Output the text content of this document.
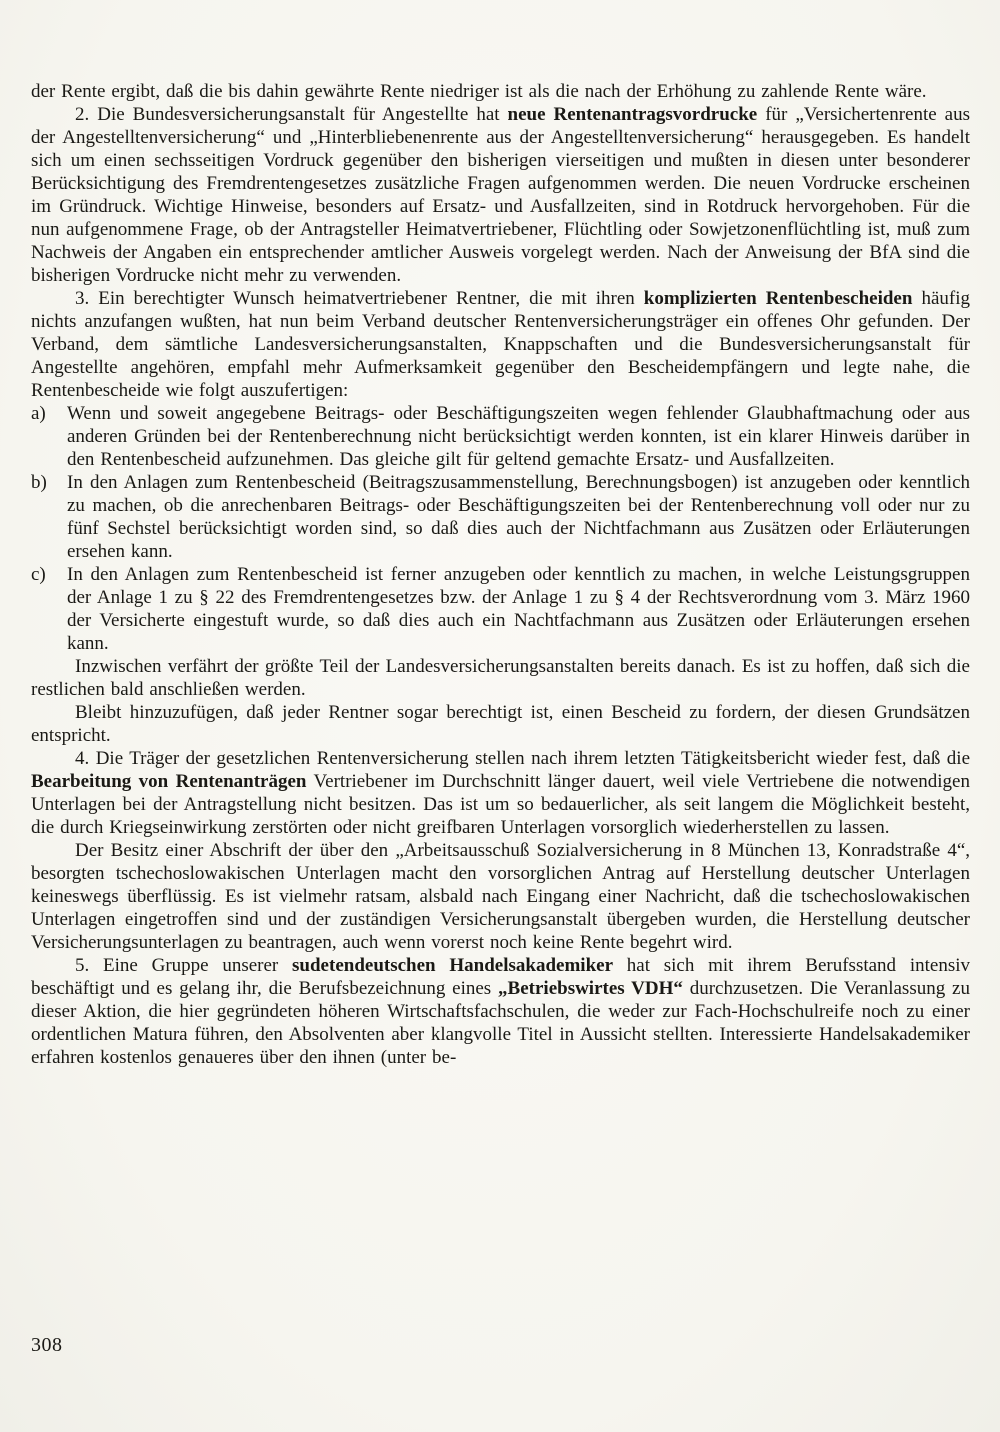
der Rente ergibt, daß die bis dahin gewährte Rente niedriger ist als die nach der Erhöhung zu zahlende Rente wäre.

2. Die Bundesversicherungsanstalt für Angestellte hat neue Rentenantragsvordrucke für „Versichertenrente aus der Angestelltenversicherung“ und „Hinterbliebenenrente aus der Angestelltenversicherung“ herausgegeben. Es handelt sich um einen sechsseitigen Vordruck gegenüber den bisherigen vierseitigen und mußten in diesen unter besonderer Berücksichtigung des Fremdrentengesetzes zusätzliche Fragen aufgenommen werden. Die neuen Vordrucke erscheinen im Gründruck. Wichtige Hinweise, besonders auf Ersatz- und Ausfallzeiten, sind in Rotdruck hervorgehoben. Für die nun aufgenommene Frage, ob der Antragsteller Heimatvertriebener, Flüchtling oder Sowjetzonenflüchtling ist, muß zum Nachweis der Angaben ein entsprechender amtlicher Ausweis vorgelegt werden. Nach der Anweisung der BfA sind die bisherigen Vordrucke nicht mehr zu verwenden.

3. Ein berechtigter Wunsch heimatvertriebener Rentner, die mit ihren komplizierten Rentenbescheiden häufig nichts anzufangen wußten, hat nun beim Verband deutscher Rentenversicherungsträger ein offenes Ohr gefunden. Der Verband, dem sämtliche Landesversicherungsanstalten, Knappschaften und die Bundesversicherungsanstalt für Angestellte angehören, empfahl mehr Aufmerksamkeit gegenüber den Bescheidempfängern und legte nahe, die Rentenbescheide wie folgt auszufertigen:

a) Wenn und soweit angegebene Beitrags- oder Beschäftigungszeiten wegen fehlender Glaubhaftmachung oder aus anderen Gründen bei der Rentenberechnung nicht berücksichtigt werden konnten, ist ein klarer Hinweis darüber in den Rentenbescheid aufzunehmen. Das gleiche gilt für geltend gemachte Ersatz- und Ausfallzeiten.
b) In den Anlagen zum Rentenbescheid (Beitragszusammenstellung, Berechnungsbogen) ist anzugeben oder kenntlich zu machen, ob die anrechenbaren Beitrags- oder Beschäftigungszeiten bei der Rentenberechnung voll oder nur zu fünf Sechstel berücksichtigt worden sind, so daß dies auch der Nichtfachmann aus Zusätzen oder Erläuterungen ersehen kann.
c) In den Anlagen zum Rentenbescheid ist ferner anzugeben oder kenntlich zu machen, in welche Leistungsgruppen der Anlage 1 zu § 22 des Fremdrentengesetzes bzw. der Anlage 1 zu § 4 der Rechtsverordnung vom 3. März 1960 der Versicherte eingestuft wurde, so daß dies auch ein Nachtfachmann aus Zusätzen oder Erläuterungen ersehen kann.

Inzwischen verfährt der größte Teil der Landesversicherungsanstalten bereits danach. Es ist zu hoffen, daß sich die restlichen bald anschließen werden.

Bleibt hinzuzufügen, daß jeder Rentner sogar berechtigt ist, einen Bescheid zu fordern, der diesen Grundsätzen entspricht.

4. Die Träger der gesetzlichen Rentenversicherung stellen nach ihrem letzten Tätigkeitsbericht wieder fest, daß die Bearbeitung von Rentenanträgen Vertriebener im Durchschnitt länger dauert, weil viele Vertriebene die notwendigen Unterlagen bei der Antragstellung nicht besitzen. Das ist um so bedauerlicher, als seit langem die Möglichkeit besteht, die durch Kriegseinwirkung zerstörten oder nicht greifbaren Unterlagen vorsorglich wiederherstellen zu lassen.

Der Besitz einer Abschrift der über den „Arbeitsausschuß Sozialversicherung in 8 München 13, Konradstraße 4“, besorgten tschechoslowakischen Unterlagen macht den vorsorglichen Antrag auf Herstellung deutscher Unterlagen keineswegs überflüssig. Es ist vielmehr ratsam, alsbald nach Eingang einer Nachricht, daß die tschechoslowakischen Unterlagen eingetroffen sind und der zuständigen Versicherungsanstalt übergeben wurden, die Herstellung deutscher Versicherungsunterlagen zu beantragen, auch wenn vorerst noch keine Rente begehrt wird.

5. Eine Gruppe unserer sudetendeutschen Handelsakademiker hat sich mit ihrem Berufsstand intensiv beschäftigt und es gelang ihr, die Berufsbezeichnung eines „Betriebswirtes VDH“ durchzusetzen. Die Veranlassung zu dieser Aktion, die hier gegründeten höheren Wirtschaftsfachschulen, die weder zur Fach-Hochschulreife noch zu einer ordentlichen Matura führen, den Absolventen aber klangvolle Titel in Aussicht stellten. Interessierte Handelsakademiker erfahren kostenlos genaueres über den ihnen (unter be-

308
